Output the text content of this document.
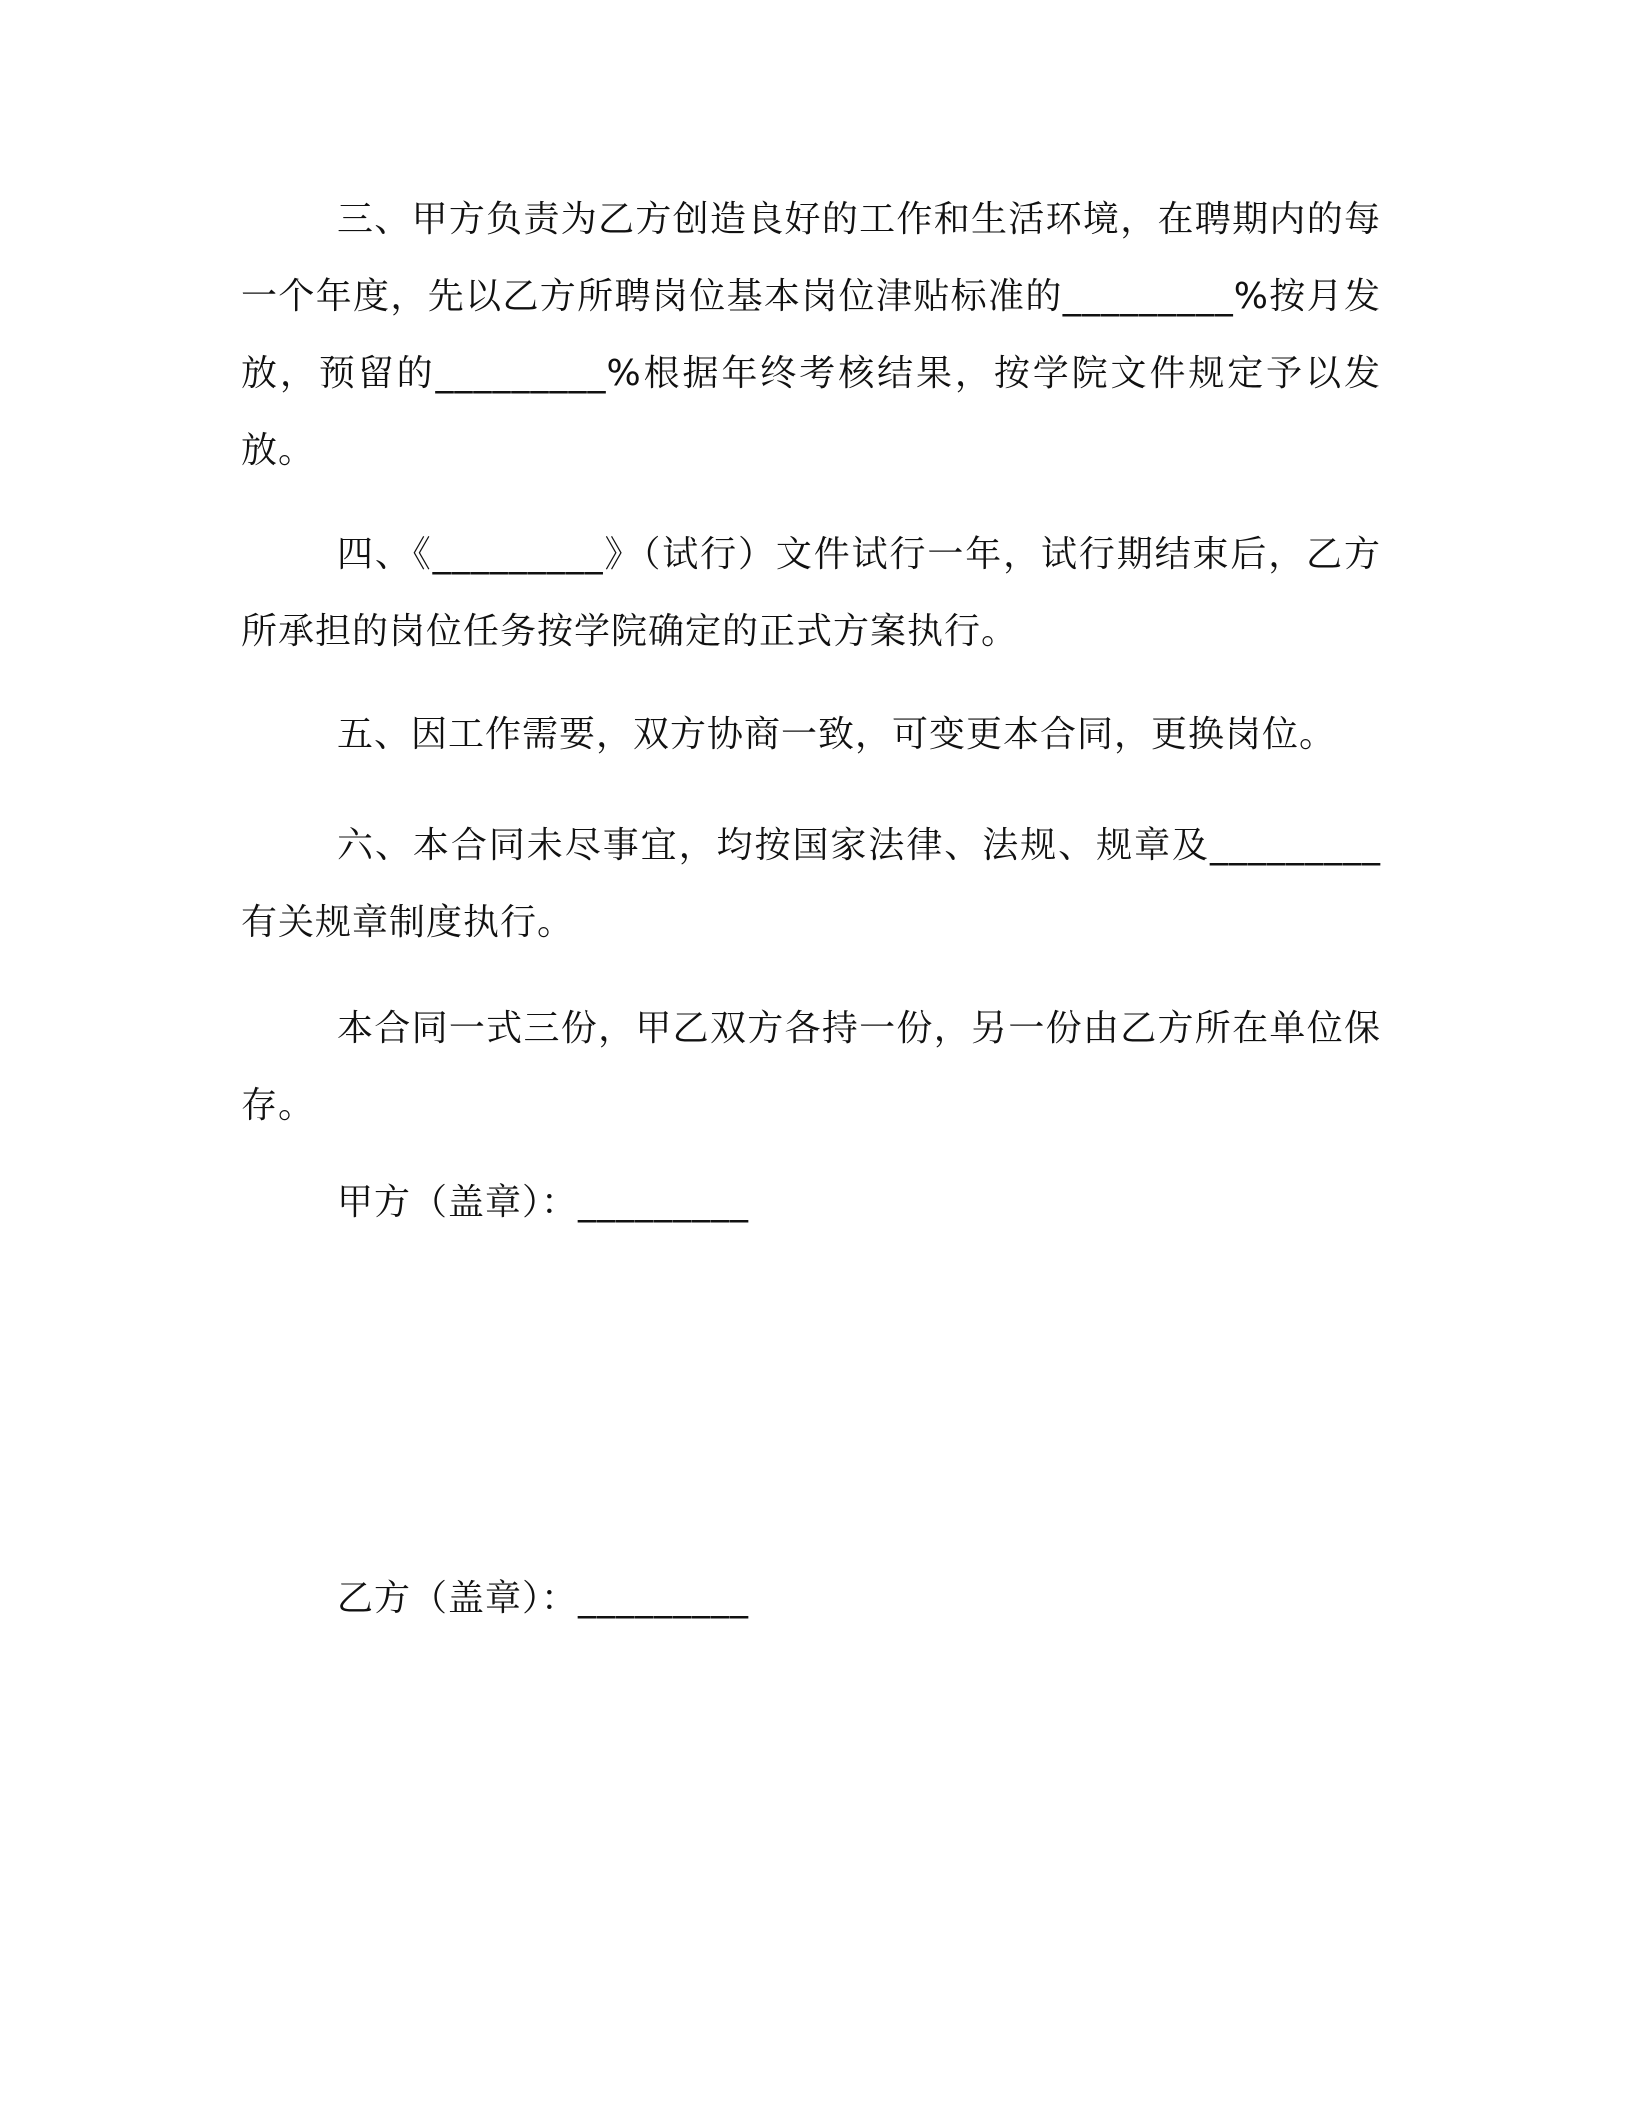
三、甲方负责为乙方创造良好的工作和生活环境，在聘期内的每一个年度，先以乙方所聘岗位基本岗位津贴标准的_________%按月发放，预留的_________%根据年终考核结果，按学院文件规定予以发放。

四、《_________》（试行）文件试行一年，试行期结束后，乙方所承担的岗位任务按学院确定的正式方案执行。

五、因工作需要，双方协商一致，可变更本合同，更换岗位。

六、本合同未尽事宜，均按国家法律、法规、规章及_________有关规章制度执行。

本合同一式三份，甲乙双方各持一份，另一份由乙方所在单位保存。

甲方（盖章）：_________
乙方（盖章）：_________
